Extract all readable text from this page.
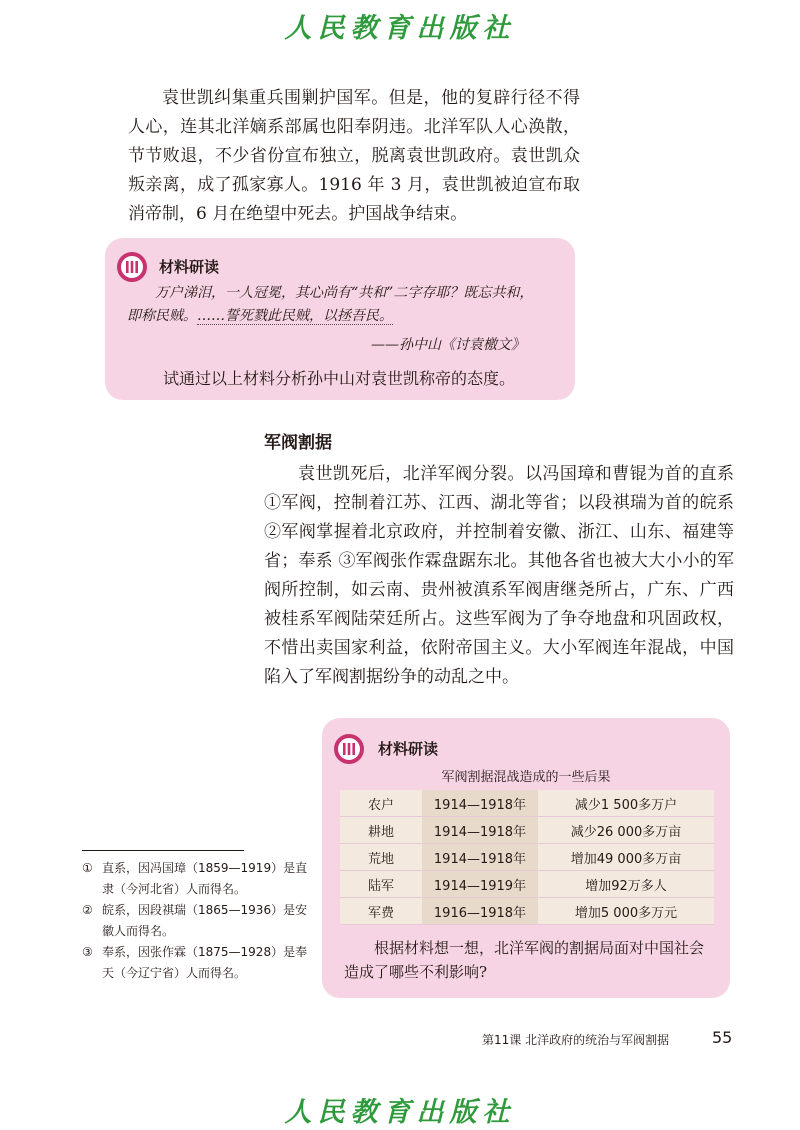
人民教育出版社

袁世凯纠集重兵围剿护国军。但是，他的复辟行径不得人心，连其北洋嫡系部属也阳奉阴违。北洋军队人心涣散，节节败退，不少省份宣布独立，脱离袁世凯政府。袁世凯众叛亲离，成了孤家寡人。1916 年 3 月，袁世凯被迫宣布取消帝制，6 月在绝望中死去。护国战争结束。

材料研读

万户涕泪，一人冠冕，其心尚有“共和”二字存耶？既忘共和，即称民贼。……誓死戮此民贼，以拯吾民。

——孙中山《讨袁檄文》
试通过以上材料分析孙中山对袁世凯称帝的态度。
军阀割据

袁世凯死后，北洋军阀分裂。以冯国璋和曹锟为首的直系 ①军阀，控制着江苏、江西、湖北等省；以段祺瑞为首的皖系 ②军阀掌握着北京政府，并控制着安徽、浙江、山东、福建等省；奉系 ③军阀张作霖盘踞东北。其他各省也被大大小小的军阀所控制，如云南、贵州被滇系军阀唐继尧所占，广东、广西被桂系军阀陆荣廷所占。这些军阀为了争夺地盘和巩固政权，不惜出卖国家利益，依附帝国主义。大小军阀连年混战，中国陷入了军阀割据纷争的动乱之中。

材料研读
军阀割据混战造成的一些后果
农户	1914—1918年	减少1 500多万户
耕地	1914—1918年	减少26 000多万亩
荒地	1914—1918年	增加49 000多万亩
陆军	1914—1919年	增加92万多人
军费	1916—1918年	增加5 000多万元
根据材料想一想，北洋军阀的割据局面对中国社会造成了哪些不利影响?
① 直系，因冯国璋（1859—1919）是直隶（今河北省）人而得名。
② 皖系，因段祺瑞（1865—1936）是安徽人而得名。
③ 奉系，因张作霖（1875—1928）是奉天（今辽宁省）人而得名。
第11课 北洋政府的统治与军阀割据	55
人民教育出版社
